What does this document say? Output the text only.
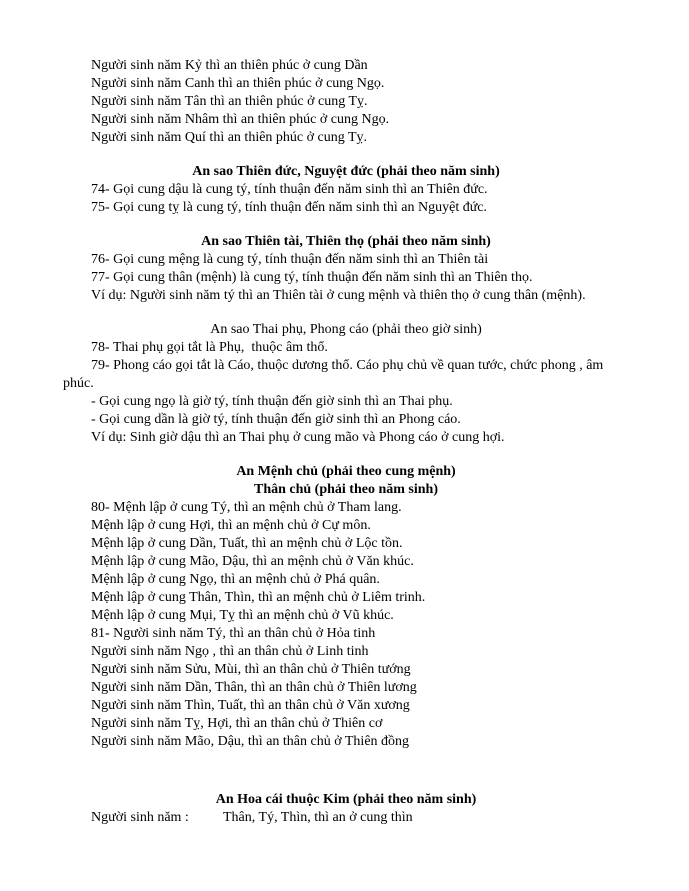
Người sinh năm Kỷ thì an thiên phúc ở cung Dần

Người sinh năm Canh thì an thiên phúc ở cung Ngọ.

Người sinh năm Tân thì an thiên phúc ở cung Tỵ.

Người sinh năm Nhâm thì an thiên phúc ở cung Ngọ.

Người sinh năm Quí thì an thiên phúc ở cung Tỵ.

An sao Thiên đức, Nguyệt đức (phải theo năm sinh)

74- Gọi cung dậu là cung tý, tính thuận đến năm sinh thì an Thiên đức.

75- Gọi cung tỵ là cung tý, tính thuận đến năm sinh thì an Nguyệt đức.

An sao Thiên tài, Thiên thọ (phải theo năm sinh)

76- Gọi cung mệng là cung tý, tính thuận đến năm sinh thì an Thiên tài

77- Gọi cung thân (mệnh) là cung tý, tính thuận đến năm sinh thì an Thiên thọ.

Ví dụ: Người sinh năm tý thì an Thiên tài ở cung mệnh và thiên thọ ở cung thân (mệnh).

An sao Thai phụ, Phong cáo (phải theo giờ sinh)

78- Thai phụ gọi tắt là Phụ,  thuộc âm thổ.

79- Phong cáo gọi tắt là Cáo, thuộc dương thổ. Cáo phụ chủ về quan tước, chức phong , âm

phúc.

- Gọi cung ngọ là giờ tý, tính thuận đến giờ sinh thì an Thai phụ.

- Gọi cung dần là giờ tý, tính thuận đến giờ sinh thì an Phong cáo.

Ví dụ: Sinh giờ dậu thì an Thai phụ ở cung mão và Phong cáo ở cung hợi.

An Mệnh chủ (phải theo cung mệnh)

Thân chủ (phải theo năm sinh)

80- Mệnh lập ở cung Tý, thì an mệnh chủ ở Tham lang.

Mệnh lập ở cung Hợi, thì an mệnh chủ ở Cự môn.

Mệnh lập ở cung Dần, Tuất, thì an mệnh chủ ở Lộc tồn.

Mệnh lập ở cung Mão, Dậu, thì an mệnh chủ ở Văn khúc.

Mệnh lập ở cung Ngọ, thì an mệnh chủ ở Phá quân.

Mệnh lập ở cung Thân, Thìn, thì an mệnh chủ ở Liêm trinh.

Mệnh lập ở cung Mụi, Tỵ thì an mệnh chủ ở Vũ khúc.

81- Người sinh năm Tý, thì an thân chủ ở Hỏa tinh

Người sinh năm Ngọ , thì an thân chủ ở Linh tinh

Người sinh năm Sửu, Mùi, thì an thân chủ ở Thiên tướng

Người sinh năm Dần, Thân, thì an thân chủ ở Thiên lương

Người sinh năm Thìn, Tuất, thì an thân chủ ở Văn xương

Người sinh năm Tỵ, Hợi, thì an thân chủ ở Thiên cơ

Người sinh năm Mão, Dậu, thì an thân chủ ở Thiên đồng

An Hoa cái thuộc Kim (phải theo năm sinh)

Người sinh năm : Thân, Tý, Thìn, thì an ở cung thìn
